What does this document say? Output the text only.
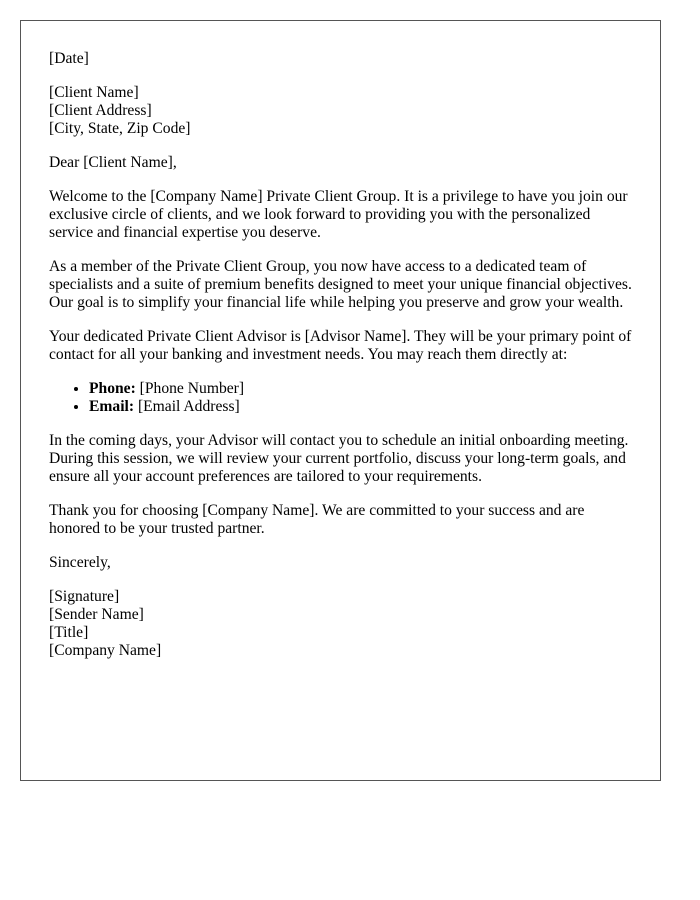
[Date]
[Client Name]
[Client Address]
[City, State, Zip Code]
Dear [Client Name],

Welcome to the [Company Name] Private Client Group. It is a privilege to have you join our exclusive circle of clients, and we look forward to providing you with the personalized service and financial expertise you deserve.

As a member of the Private Client Group, you now have access to a dedicated team of specialists and a suite of premium benefits designed to meet your unique financial objectives. Our goal is to simplify your financial life while helping you preserve and grow your wealth.

Your dedicated Private Client Advisor is [Advisor Name]. They will be your primary point of contact for all your banking and investment needs. You may reach them directly at:

• Phone: [Phone Number]
• Email: [Email Address]

In the coming days, your Advisor will contact you to schedule an initial onboarding meeting. During this session, we will review your current portfolio, discuss your long-term goals, and ensure all your account preferences are tailored to your requirements.

Thank you for choosing [Company Name]. We are committed to your success and are honored to be your trusted partner.

Sincerely,
[Signature]
[Sender Name]
[Title]
[Company Name]
